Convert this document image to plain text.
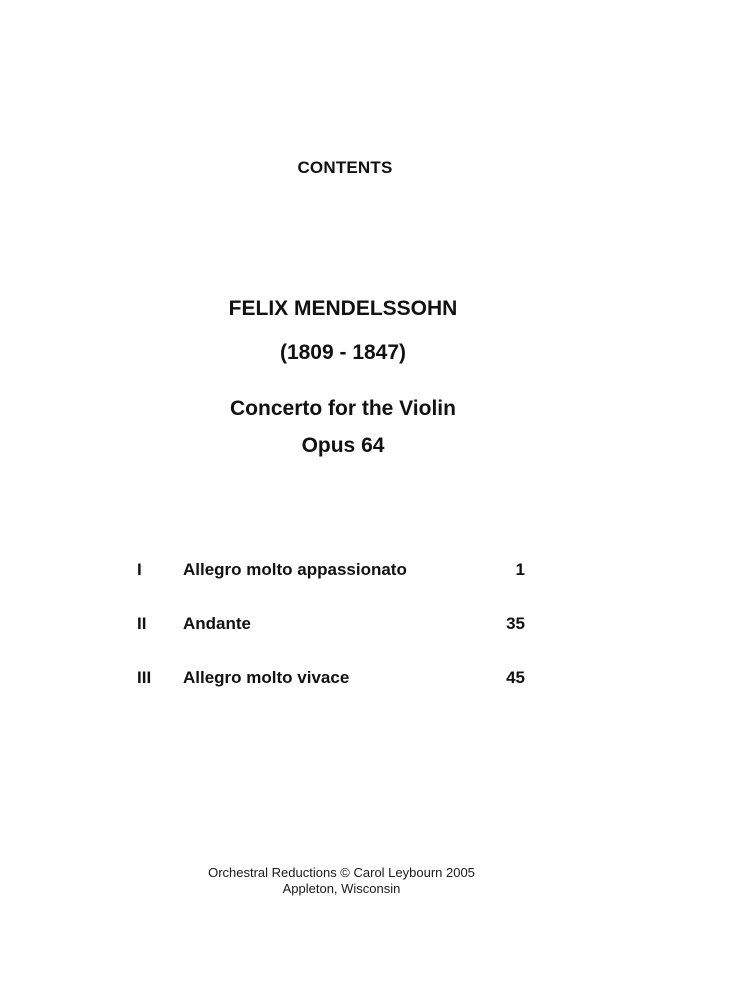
CONTENTS
FELIX MENDELSSOHN
(1809 - 1847)
Concerto for the Violin
Opus 64
I Allegro molto appassionato	1
II Andante	35
III Allegro molto vivace	45
Orchestral Reductions © Carol Leybourn 2005
Appleton, Wisconsin
